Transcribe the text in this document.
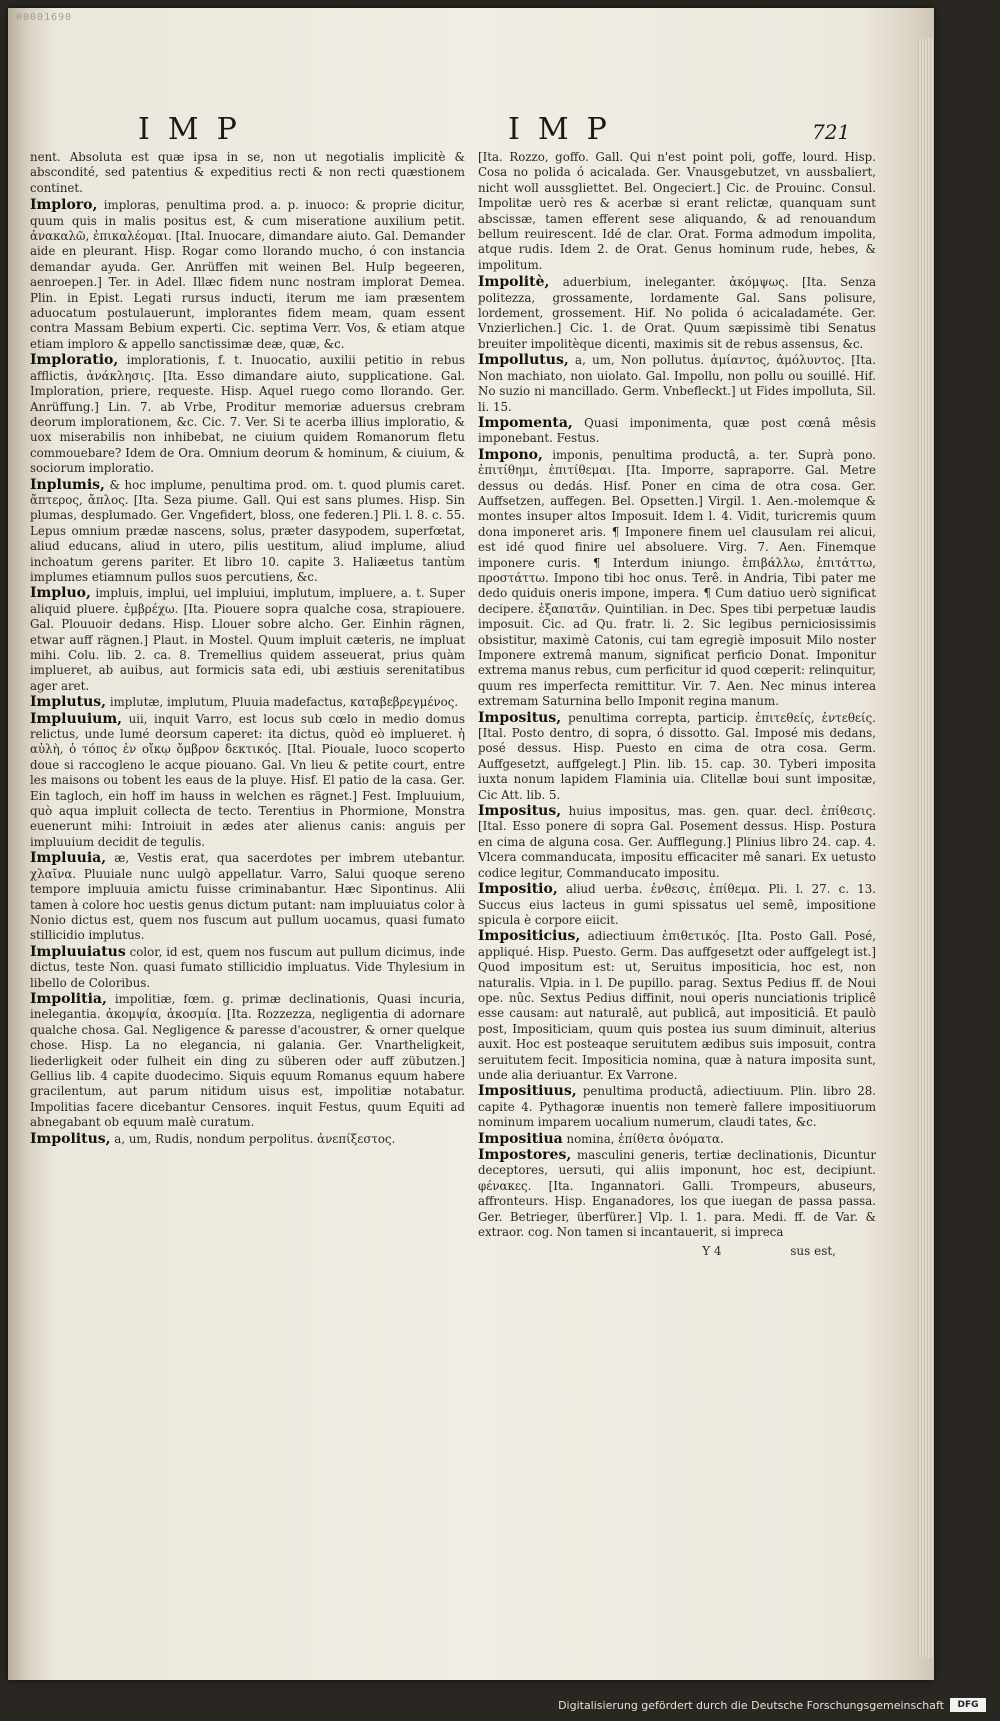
00001690
IMP	IMP	721

nent. Absoluta est quæ ipsa in se, non ut negotialis implicitè & abscondité, sed patentius & expeditius recti & non recti quæstionem continet.

Imploro, imploras, penultima prod. a. p. inuoco: & proprie dicitur, quum quis in malis positus est, & cum miseratione auxilium petit. ἀνακαλῶ, ἐπικαλέομαι. [Ital. Inuocare, dimandare aiuto. Gal. Demander aide en pleurant. Hisp. Rogar como llorando mucho, ó con instancia demandar ayuda. Ger. Anrüffen mit weinen Bel. Hulp begeeren, aenroepen.] Ter. in Adel. Illæc fidem nunc nostram implorat Demea. Plin. in Epist. Legati rursus inducti, iterum me iam præsentem aduocatum postulauerunt, implorantes fidem meam, quam essent contra Massam Bebium experti. Cic. septima Verr. Vos, & etiam atque etiam imploro & appello sanctissimæ deæ, quæ, &c.

Imploratio, implorationis, f. t. Inuocatio, auxilii petitio in rebus afflictis, ἀνάκλησις. [Ita. Esso dimandare aiuto, supplicatione. Gal. Imploration, priere, requeste. Hisp. Aquel ruego como llorando. Ger. Anrüffung.] Lin. 7. ab Vrbe, Proditur memoriæ aduersus crebram deorum implorationem, &c. Cic. 7. Ver. Si te acerba illius imploratio, & uox miserabilis non inhibebat, ne ciuium quidem Romanorum fletu commouebare? Idem de Ora. Omnium deorum & hominum, & ciuium, & sociorum imploratio.

Inplumis, & hoc implume, penultima prod. om. t. quod plumis caret. ἄπτερος, ἄπλος. [Ita. Seza piume. Gall. Qui est sans plumes. Hisp. Sin plumas, desplumado. Ger. Vngefidert, bloss, one federen.] Pli. l. 8. c. 55. Lepus omnium prædæ nascens, solus, præter dasypodem, superfœtat, aliud educans, aliud in utero, pilis uestitum, aliud implume, aliud inchoatum gerens pariter. Et libro 10. capite 3. Haliæetus tantùm implumes etiamnum pullos suos percutiens, &c.

Impluo, impluis, implui, uel impluiui, implutum, impluere, a. t. Super aliquid pluere. ἐμβρέχω. [Ita. Piouere sopra qualche cosa, strapiouere. Gal. Plouuoir dedans. Hisp. Llouer sobre alcho. Ger. Einhin rägnen, etwar auff rägnen.] Plaut. in Mostel. Quum impluit cæteris, ne impluat mihi. Colu. lib. 2. ca. 8. Tremellius quidem asseuerat, prius quàm implueret, ab auibus, aut formicis sata edi, ubi æstiuis serenitatibus ager aret.

Implutus, implutæ, implutum, Pluuia madefactus, καταβεβρεγμένος.

Impluuium, uii, inquit Varro, est locus sub cœlo in medio domus relictus, unde lumé deorsum caperet: ita dictus, quòd eò implueret. ἡ αὐλὴ, ὁ τόπος ἐν οἴκῳ ὄμβρον δεκτικός. [Ital. Piouale, luoco scoperto doue si raccogleno le acque piouano. Gal. Vn lieu & petite court, entre les maisons ou tobent les eaus de la pluye. Hisf. El patio de la casa. Ger. Ein tagloch, ein hoff im hauss in welchen es rägnet.] Fest. Impluuium, quò aqua impluit collecta de tecto. Terentius in Phormione, Monstra euenerunt mihi: Introiuit in ædes ater alienus canis: anguis per impluuium decidit de tegulis.

Impluuia, æ, Vestis erat, qua sacerdotes per imbrem utebantur. χλαῖνα. Pluuiale nunc uulgò appellatur. Varro, Salui quoque sereno tempore impluuia amictu fuisse criminabantur. Hæc Sipontinus. Alii tamen à colore hoc uestis genus dictum putant: nam impluuiatus color à Nonio dictus est, quem nos fuscum aut pullum uocamus, quasi fumato stillicidio implutus.

Impluuiatus color, id est, quem nos fuscum aut pullum dicimus, inde dictus, teste Non. quasi fumato stillicidio impluatus. Vide Thylesium in libello de Coloribus.

Impolitia, impolitiæ, fœm. g. primæ declinationis, Quasi incuria, inelegantia. ἀκομψία, ἀκοσμία. [Ita. Rozzezza, negligentia di adornare qualche chosa. Gal. Negligence & paresse d'acoustrer, & orner quelque chose. Hisp. La no elegancia, ni galania. Ger. Vnartheligkeit, liederligkeit oder fulheit ein ding zu süberen oder auff zübutzen.] Gellius lib. 4 capite duodecimo. Siquis equum Romanus equum habere gracilentum, aut parum nitidum uisus est, impolitiæ notabatur. Impolitias facere dicebantur Censores. inquit Festus, quum Equiti ad abnegabant ob equum malè curatum.

Impolitus, a, um, Rudis, nondum perpolitus. ἀνεπίξεστος.

[Ita. Rozzo, goffo. Gall. Qui n'est point poli, goffe, lourd. Hisp. Cosa no polida ó acicalada. Ger. Vnausgebutzet, vn aussbaliert, nicht woll aussgliettet. Bel. Ongeciert.] Cic. de Prouinc. Consul. Impolitæ uerò res & acerbæ si erant relictæ, quanquam sunt abscissæ, tamen efferent sese aliquando, & ad renouandum bellum reuirescent. Idé de clar. Orat. Forma admodum impolita, atque rudis. Idem 2. de Orat. Genus hominum rude, hebes, & impolitum.

Impolitè, aduerbium, ineleganter. ἀκόμψως. [Ita. Senza politezza, grossamente, lordamente Gal. Sans polisure, lordement, grossement. Hif. No polida ó acicaladaméte. Ger. Vnzierlichen.] Cic. 1. de Orat. Quum sæpissimè tibi Senatus breuiter impolitèque dicenti, maximis sit de rebus assensus, &c.

Impollutus, a, um, Non pollutus. ἀμίαντος, ἀμόλυντος. [Ita. Non machiato, non uiolato. Gal. Impollu, non pollu ou souillé. Hif. No suzio ni mancillado. Germ. Vnbefleckt.] ut Fides impolluta, Sil. li. 15.

Impomenta, Quasi imponimenta, quæ post cœnâ mêsis imponebant. Festus.

Impono, imponis, penultima productâ, a. ter. Suprà pono. ἐπιτίθημι, ἐπιτίθεμαι. [Ita. Imporre, sapraporre. Gal. Metre dessus ou dedás. Hisf. Poner en cima de otra cosa. Ger. Auffsetzen, auffegen. Bel. Opsetten.] Virgil. 1. Aen.-molemque & montes insuper altos Imposuit. Idem l. 4. Vidit, turicremis quum dona imponeret aris. ¶ Imponere finem uel clausulam rei alicui, est idé quod finire uel absoluere. Virg. 7. Aen. Finemque imponere curis. ¶ Interdum iniungo. ἐπιβάλλω, ἐπιτάττω, προστάττω. Impono tibi hoc onus. Terê. in Andria, Tibi pater me dedo quiduis oneris impone, impera. ¶ Cum datiuo uerò significat decipere. ἐξαπατᾶν. Quintilian. in Dec. Spes tibi perpetuæ laudis imposuit. Cic. ad Qu. fratr. li. 2. Sic legibus perniciosissimis obsistitur, maximè Catonis, cui tam egregiè imposuit Milo noster Imponere extremâ manum, significat perficio Donat. Imponitur extrema manus rebus, cum perficitur id quod cœperit: relinquitur, quum res imperfecta remittitur. Vir. 7. Aen. Nec minus interea extremam Saturnina bello Imponit regina manum.

Impositus, penultima correpta, particip. ἐπιτεθείς, ἐντεθείς. [Ital. Posto dentro, di sopra, ó dissotto. Gal. Imposé mis dedans, posé dessus. Hisp. Puesto en cima de otra cosa. Germ. Auffgesetzt, auffgelegt.] Plin. lib. 15. cap. 30. Tyberi imposita iuxta nonum lapidem Flaminia uia. Clitellæ boui sunt impositæ, Cic Att. lib. 5.

Impositus, huius impositus, mas. gen. quar. decl. ἐπίθεσις. [Ital. Esso ponere di sopra Gal. Posement dessus. Hisp. Postura en cima de alguna cosa. Ger. Aufflegung.] Plinius libro 24. cap. 4. Vlcera commanducata, impositu efficaciter mê sanari. Ex uetusto codice legitur, Commanducato impositu.

Impositio, aliud uerba. ἐνθεσις, ἐπίθεμα. Pli. l. 27. c. 13. Succus eius lacteus in gumi spissatus uel semê, impositione spicula è corpore eiicit.

Impositicius, adiectiuum ἐπιθετικός. [Ita. Posto Gall. Posé, appliqué. Hisp. Puesto. Germ. Das auffgesetzt oder auffgelegt ist.] Quod impositum est: ut, Seruitus impositicia, hoc est, non naturalis. Vlpia. in l. De pupillo. parag. Sextus Pedius ff. de Noui ope. nûc. Sextus Pedius diffinit, noui operis nunciationis triplicê esse causam: aut naturalê, aut publicâ, aut impositiciâ. Et paulò post, Impositiciam, quum quis postea ius suum diminuit, alterius auxit. Hoc est posteaque seruitutem ædibus suis imposuit, contra seruitutem fecit. Impositicia nomina, quæ à natura imposita sunt, unde alia deriuantur. Ex Varrone.

Impositiuus, penultima productâ, adiectiuum. Plin. libro 28. capite 4. Pythagoræ inuentis non temerè fallere impositiuorum nominum imparem uocalium numerum, claudi tates, &c.

Impositiua nomina, ἐπίθετα ὀνόματα.

Impostores, masculini generis, tertiæ declinationis, Dicuntur deceptores, uersuti, qui aliis imponunt, hoc est, decipiunt. φένακες. [Ita. Ingannatori. Galli. Trompeurs, abuseurs, affronteurs. Hisp. Enganadores, los que iuegan de passa passa. Ger. Betrieger, überfürer.] Vlp. l. 1. para. Medi. ff. de Var. & extraor. cog. Non tamen si incantauerit, si impreca

Y 4	sus est,
Digitalisierung gefördert durch die Deutsche Forschungsgemeinschaft	DFG
